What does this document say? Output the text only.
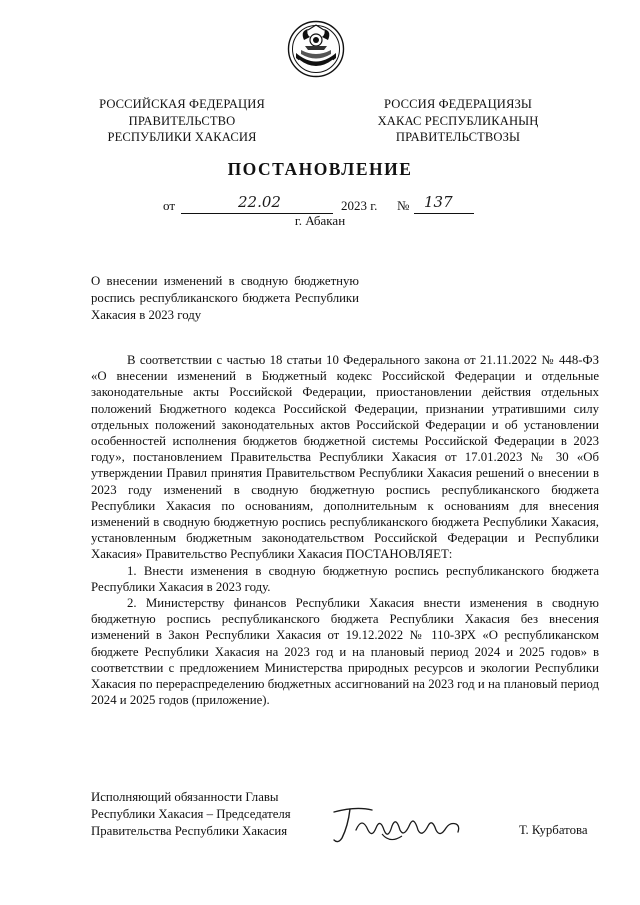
РОССИЙСКАЯ ФЕДЕРАЦИЯ
ПРАВИТЕЛЬСТВО
РЕСПУБЛИКИ ХАКАСИЯ
РОССИЯ ФЕДЕРАЦИЯЗЫ
ХАКАС РЕСПУБЛИКАНЫҢ
ПРАВИТЕЛЬСТВОЗЫ
ПОСТАНОВЛЕНИЕ
от	22.02	2023 г. № 137
г. Абакан
О внесении изменений в сводную бюджетную роспись республиканского бюджета Республики Хакасия в 2023 году

В соответствии с частью 18 статьи 10 Федерального закона от 21.11.2022 № 448-ФЗ «О внесении изменений в Бюджетный кодекс Российской Федерации и отдельные законодательные акты Российской Федерации, приостановлении действия отдельных положений Бюджетного кодекса Российской Федерации, признании утратившими силу отдельных положений законодательных актов Российской Федерации и об установлении особенностей исполнения бюджетов бюджетной системы Российской Федерации в 2023 году», постановлением Правительства Республики Хакасия от 17.01.2023 № 30 «Об утверждении Правил принятия Правительством Республики Хакасия решений о внесении в 2023 году изменений в сводную бюджетную роспись республиканского бюджета Республики Хакасия по основаниям, дополнительным к основаниям для внесения изменений в сводную бюджетную роспись республиканского бюджета Республики Хакасия, установленным бюджетным законодательством Российской Федерации и Республики Хакасия» Правительство Республики Хакасия ПОСТАНОВЛЯЕТ:

1. Внести изменения в сводную бюджетную роспись республиканского бюджета Республики Хакасия в 2023 году.

2. Министерству финансов Республики Хакасия внести изменения в сводную бюджетную роспись республиканского бюджета Республики Хакасия без внесения изменений в Закон Республики Хакасия от 19.12.2022 № 110-ЗРХ «О республиканском бюджете Республики Хакасия на 2023 год и на плановый период 2024 и 2025 годов» в соответствии с предложением Министерства природных ресурсов и экологии Республики Хакасия по перераспределению бюджетных ассигнований на 2023 год и на плановый период 2024 и 2025 годов (приложение).

Исполняющий обязанности Главы
Республики Хакасия – Председателя
Правительства Республики Хакасия	Т. Курбатова
